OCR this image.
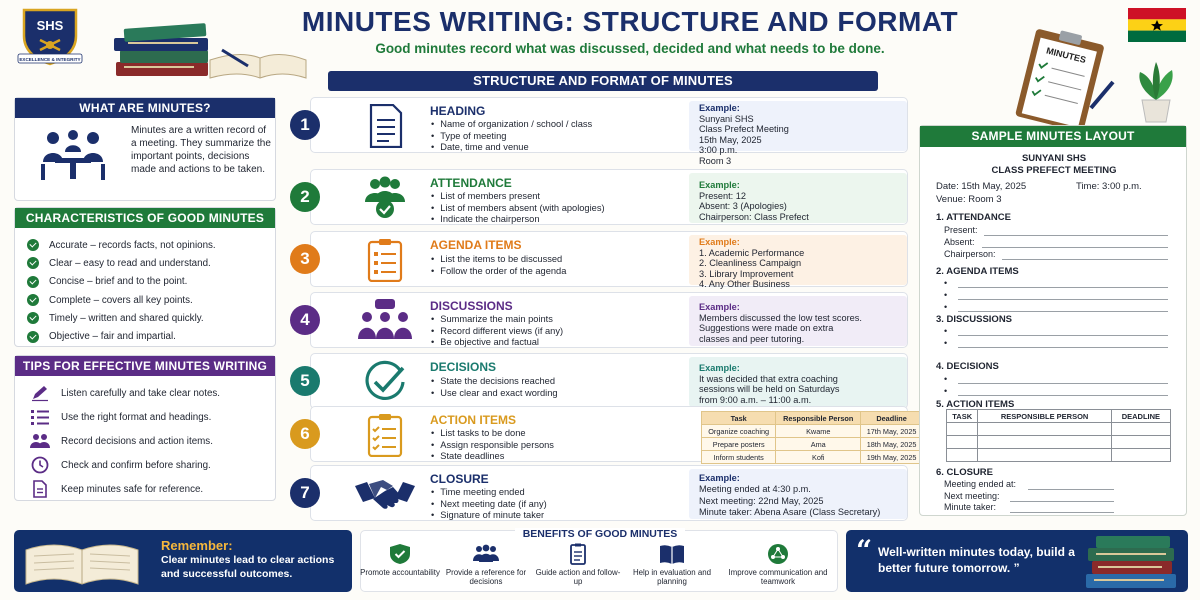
SHS
EXCELLENCE & INTEGRITY
MINUTES WRITING: STRUCTURE AND FORMAT
Good minutes record what was discussed, decided and what needs to be done.	MINUTES
STRUCTURE AND FORMAT OF MINUTES
WHAT ARE MINUTES?
Minutes are a written record of a meeting. They summarize the important points, decisions made and actions to be taken.
CHARACTERISTICS OF GOOD MINUTES
Accurate – records facts, not opinions.
Clear – easy to read and understand.
Concise – brief and to the point.
Complete – covers all key points.
Timely – written and shared quickly.
Objective – fair and impartial.
TIPS FOR EFFECTIVE MINUTES WRITING
Listen carefully and take clear notes.
Use the right format and headings.
Record decisions and action items.
Check and confirm before sharing.
Keep minutes safe for reference.
HEADING
• Name of organization / school / class
• Type of meeting
• Date, time and venue
Example:
Sunyani SHS
Class Prefect Meeting
15th May, 2025
3:00 p.m.
Room 3
1
ATTENDANCE
• List of members present
• List of members absent (with apologies)
• Indicate the chairperson
Example:
Present: 12
Absent: 3 (Apologies)
Chairperson: Class Prefect
2
AGENDA ITEMS
• List the items to be discussed
• Follow the order of the agenda
Example:
1. Academic Performance
2. Cleanliness Campaign
3. Library Improvement
4. Any Other Business
3
DISCUSSIONS
• Summarize the main points
• Record different views (if any)
• Be objective and factual
Example:
Members discussed the low test scores.
Suggestions were made on extra
classes and peer tutoring.
4
DECISIONS
• State the decisions reached
• Use clear and exact wording
Example:
It was decided that extra coaching
sessions will be held on Saturdays
from 9:00 a.m. – 11:00 a.m.
5
ACTION ITEMS
• List tasks to be done
• Assign responsible persons
• State deadlines
Task	Responsible Person	Deadline
Organize coaching	Kwame	17th May, 2025
Prepare posters	Ama	18th May, 2025
Inform students	Kofi	19th May, 2025
6
CLOSURE
• Time meeting ended
• Next meeting date (if any)
• Signature of minute taker
Example:
Meeting ended at 4:30 p.m.
Next meeting: 22nd May, 2025
Minute taker: Abena Asare (Class Secretary)
7
SAMPLE MINUTES LAYOUT
SUNYANI SHS
CLASS PREFECT MEETING
Date: 15th May, 2025	Time: 3:00 p.m.
Venue: Room 3
1. ATTENDANCE
Present:
Absent:
Chairperson:
2. AGENDA ITEMS
•
•
•
3. DISCUSSIONS
•
•
4. DECISIONS
•
•
5. ACTION ITEMS
TASK	RESPONSIBLE PERSON	DEADLINE

6. CLOSURE
Meeting ended at:
Next meeting:
Minute taker:
Remember:
Clear minutes lead to clear actions and successful outcomes.
BENEFITS OF GOOD MINUTES
Promote accountability Provide a reference for decisions
Guide action and follow-up
Help in evaluation and planning
Improve communication and teamwork
“ Well-written minutes today, build a better future tomorrow. ”
